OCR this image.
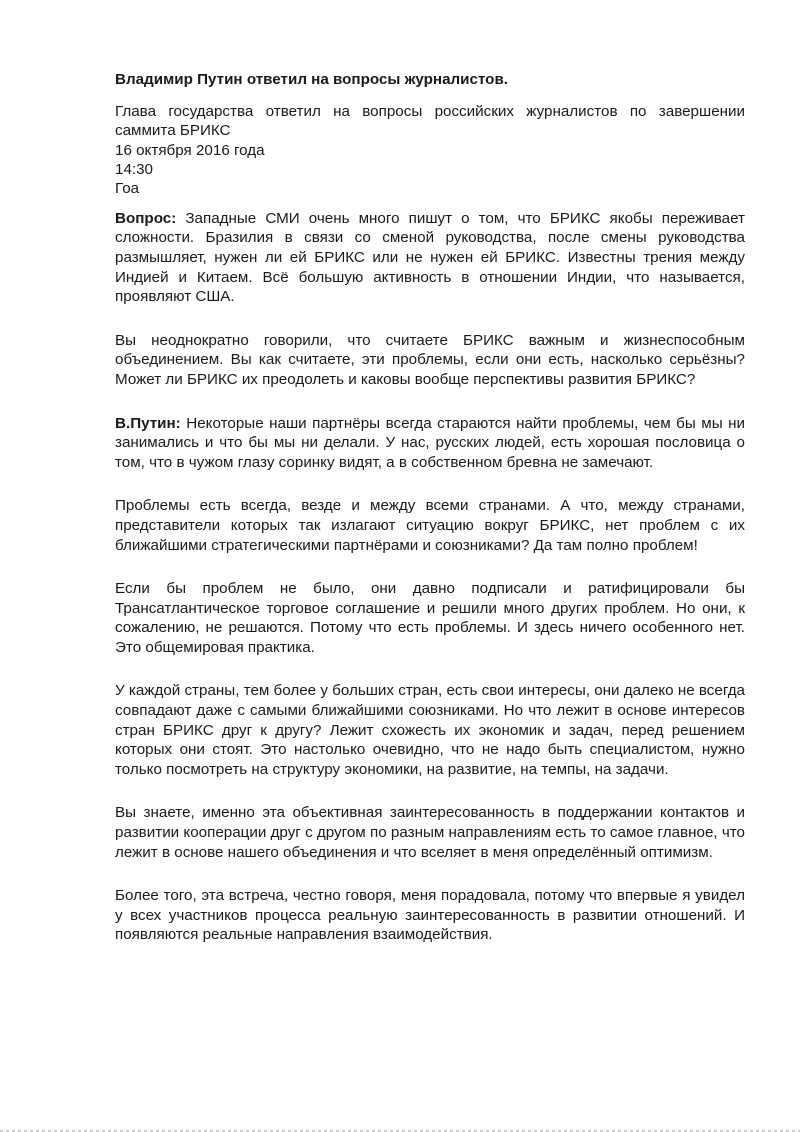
Владимир Путин ответил на вопросы журналистов.

Глава государства ответил на вопросы российских журналистов по завершении саммита БРИКС

16 октября 2016 года
14:30
Гоа

Вопрос: Западные СМИ очень много пишут о том, что БРИКС якобы переживает сложности. Бразилия в связи со сменой руководства, после смены руководства размышляет, нужен ли ей БРИКС или не нужен ей БРИКС. Известны трения между Индией и Китаем. Всё большую активность в отношении Индии, что называется, проявляют США.

Вы неоднократно говорили, что считаете БРИКС важным и жизнеспособным объединением. Вы как считаете, эти проблемы, если они есть, насколько серьёзны? Может ли БРИКС их преодолеть и каковы вообще перспективы развития БРИКС?

В.Путин: Некоторые наши партнёры всегда стараются найти проблемы, чем бы мы ни занимались и что бы мы ни делали. У нас, русских людей, есть хорошая пословица о том, что в чужом глазу соринку видят, а в собственном бревна не замечают.

Проблемы есть всегда, везде и между всеми странами. А что, между странами, представители которых так излагают ситуацию вокруг БРИКС, нет проблем с их ближайшими стратегическими партнёрами и союзниками? Да там полно проблем!

Если бы проблем не было, они давно подписали и ратифицировали бы Трансатлантическое торговое соглашение и решили много других проблем. Но они, к сожалению, не решаются. Потому что есть проблемы. И здесь ничего особенного нет. Это общемировая практика.

У каждой страны, тем более у больших стран, есть свои интересы, они далеко не всегда совпадают даже с самыми ближайшими союзниками. Но что лежит в основе интересов стран БРИКС друг к другу? Лежит схожесть их экономик и задач, перед решением которых они стоят. Это настолько очевидно, что не надо быть специалистом, нужно только посмотреть на структуру экономики, на развитие, на темпы, на задачи.

Вы знаете, именно эта объективная заинтересованность в поддержании контактов и развитии кооперации друг с другом по разным направлениям есть то самое главное, что лежит в основе нашего объединения и что вселяет в меня определённый оптимизм.

Более того, эта встреча, честно говоря, меня порадовала, потому что впервые я увидел у всех участников процесса реальную заинтересованность в развитии отношений. И появляются реальные направления взаимодействия.
